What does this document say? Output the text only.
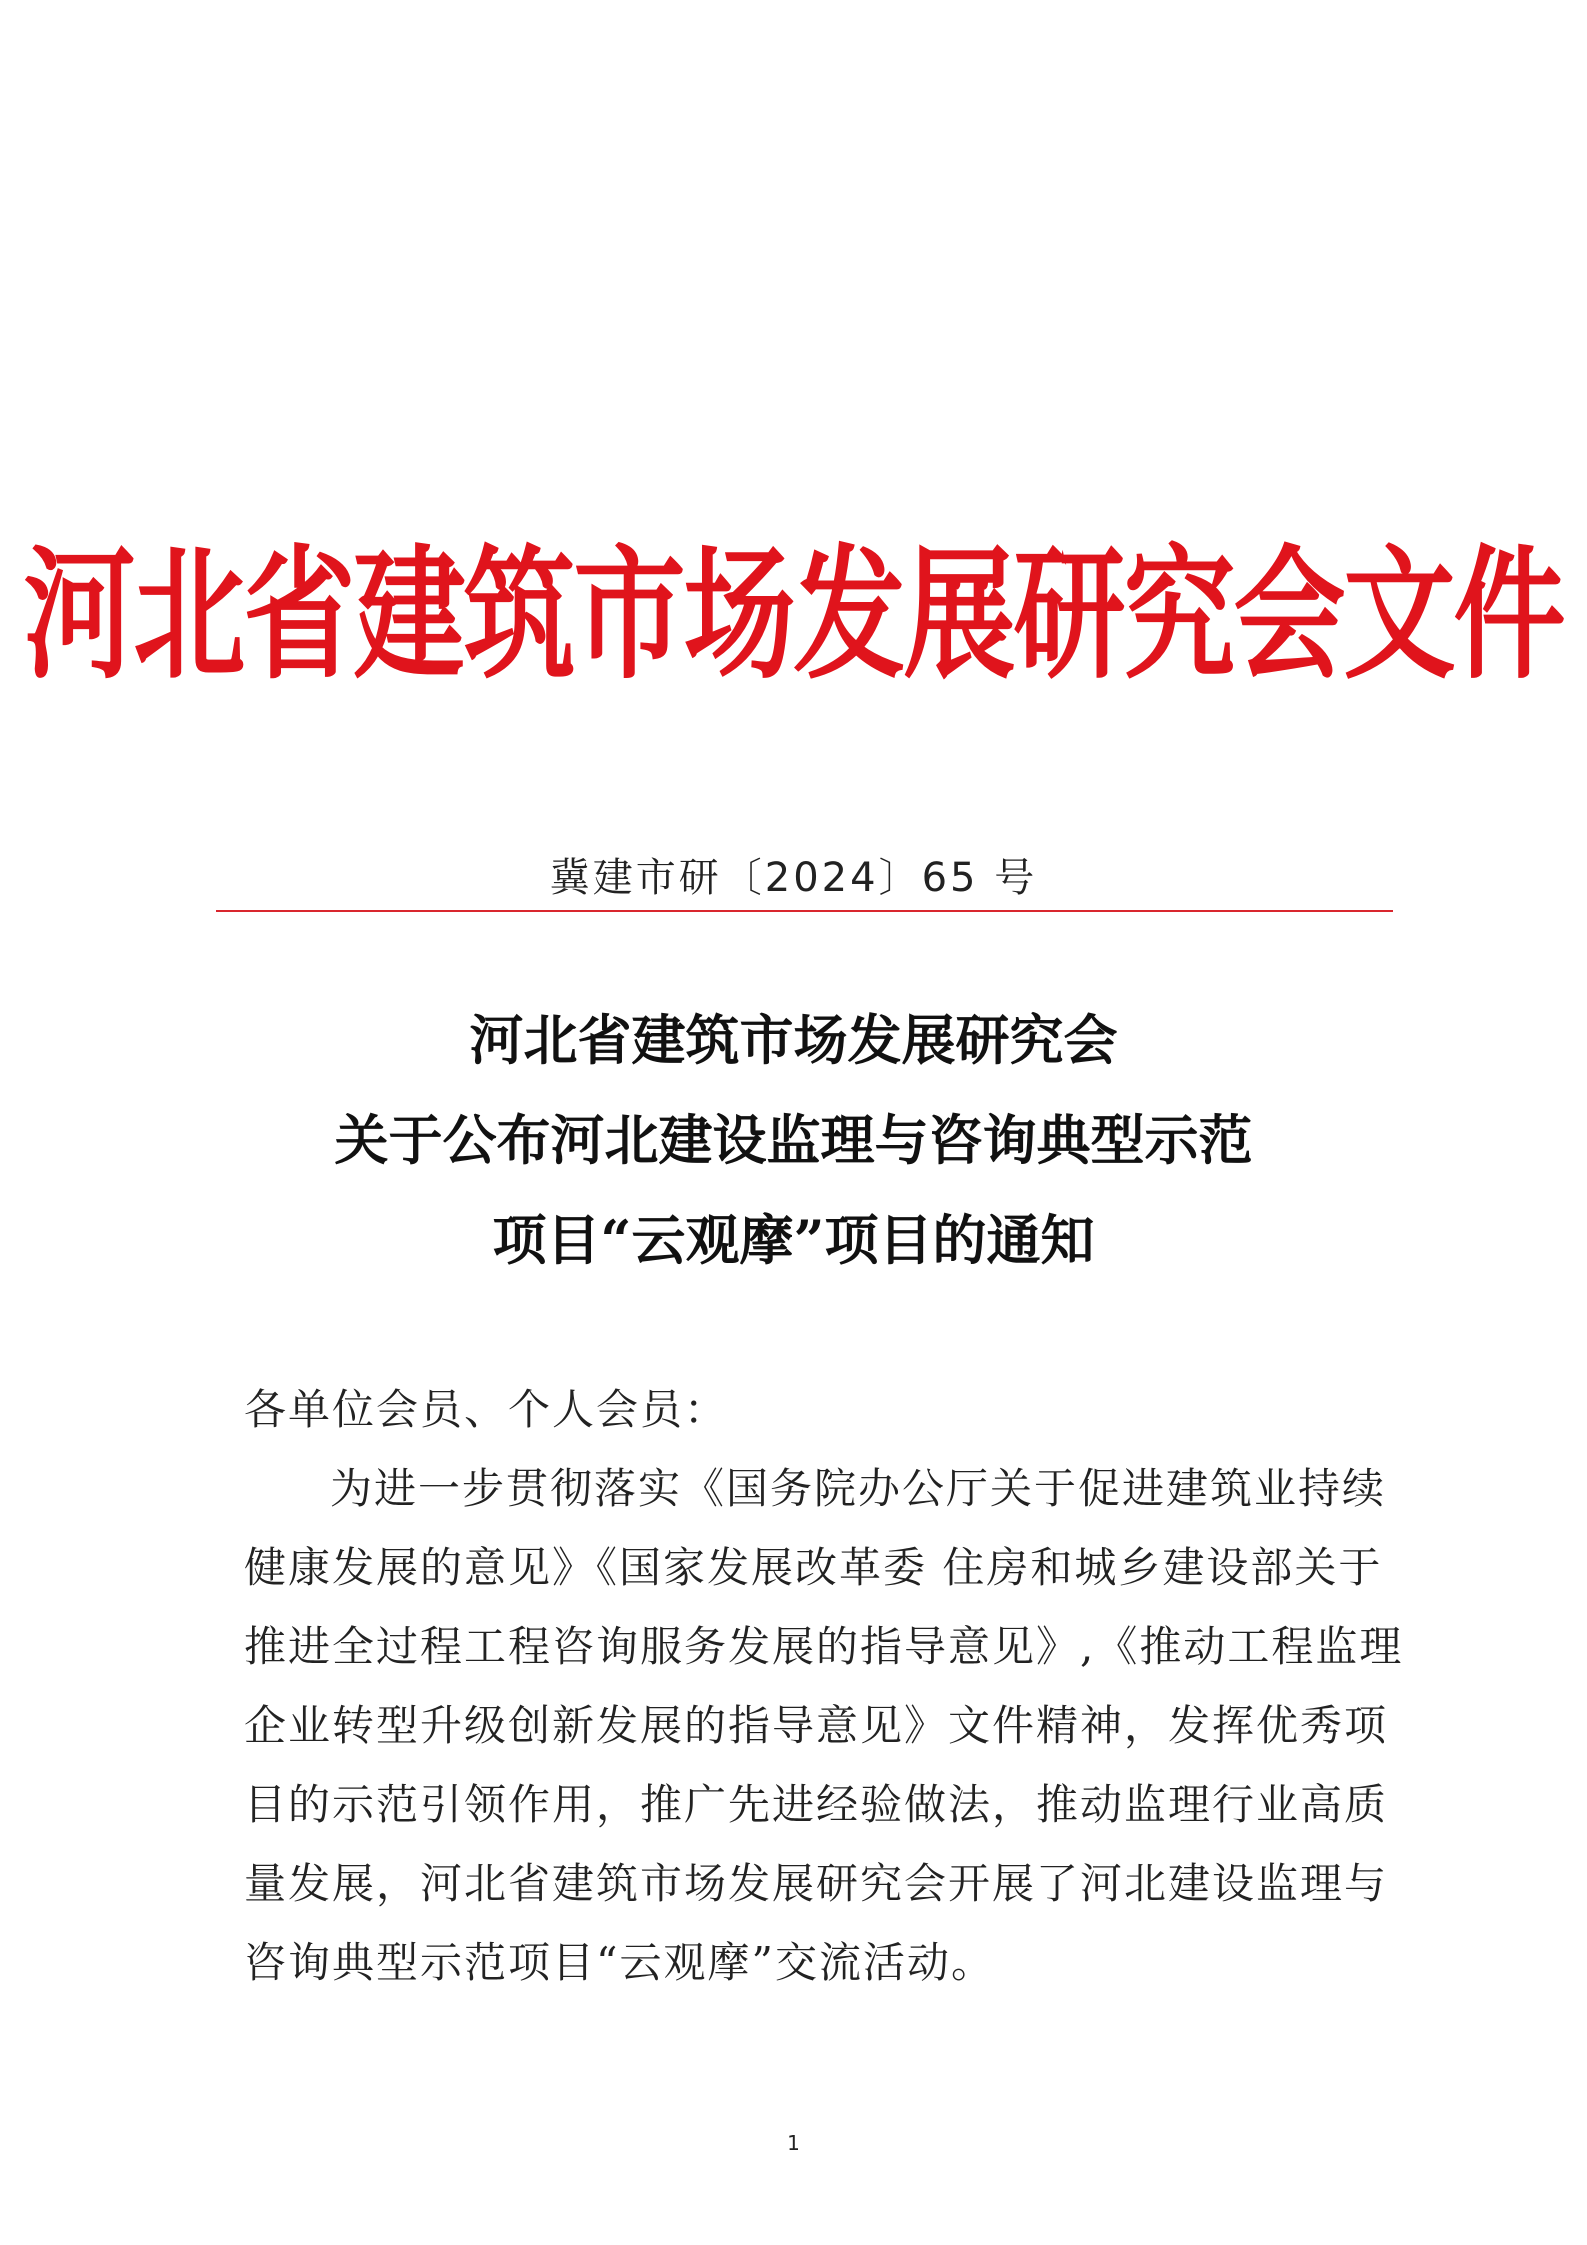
河北省建筑市场发展研究会文件
冀建市研〔2024〕65 号
河北省建筑市场发展研究会
关于公布河北建设监理与咨询典型示范
项目“云观摩”项目的通知
各单位会员、个人会员：
为进一步贯彻落实《国务院办公厅关于促进建筑业持续
健康发展的意见》《国家发展改革委 住房和城乡建设部关于
推进全过程工程咨询服务发展的指导意见》,《推动工程监理
企业转型升级创新发展的指导意见》文件精神，发挥优秀项
目的示范引领作用，推广先进经验做法，推动监理行业高质
量发展，河北省建筑市场发展研究会开展了河北建设监理与
咨询典型示范项目“云观摩”交流活动。
1
